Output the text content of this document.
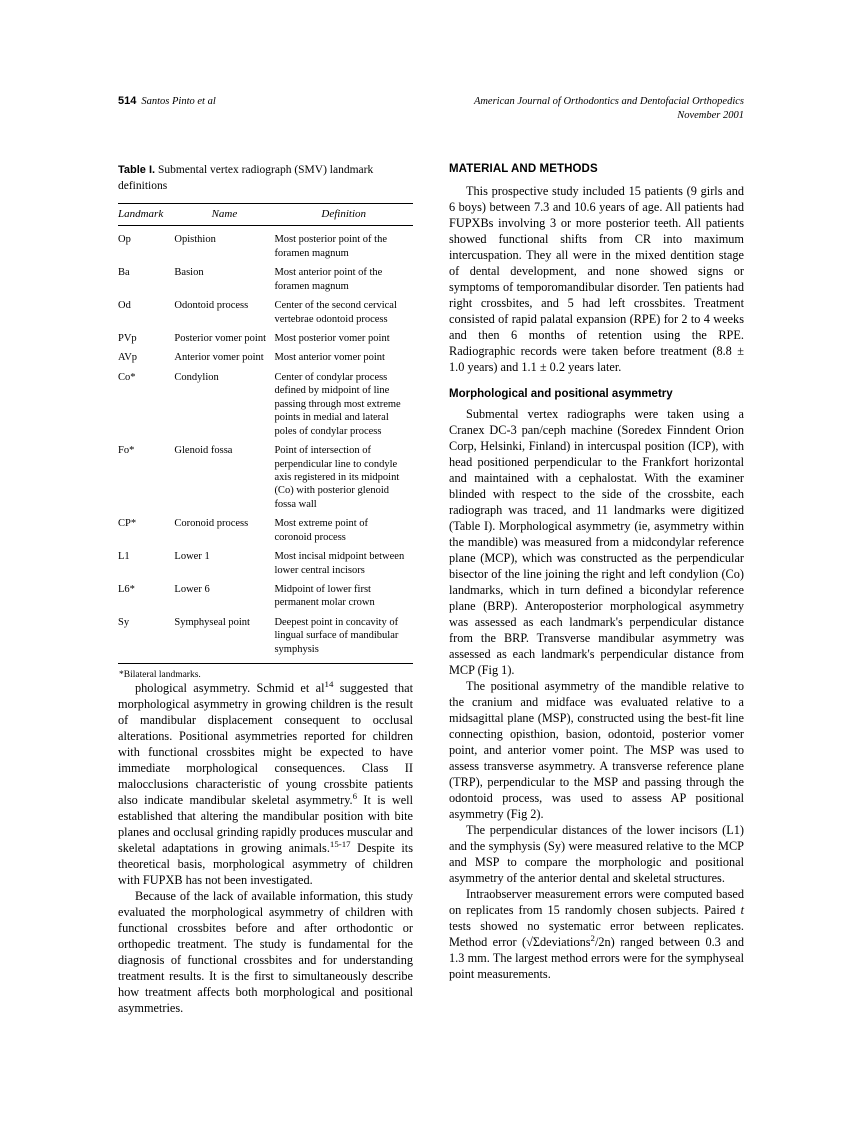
514 Santos Pinto et al	American Journal of Orthodontics and Dentofacial Orthopedics
November 2001
Table I. Submental vertex radiograph (SMV) landmark definitions
Landmark	Name	Definition
Op	Opisthion	Most posterior point of the foramen magnum
Ba	Basion	Most anterior point of the foramen magnum
Od	Odontoid process	Center of the second cervical vertebrae odontoid process
PVp	Posterior vomer point	Most posterior vomer point
AVp	Anterior vomer point	Most anterior vomer point
Co*	Condylion	Center of condylar process defined by midpoint of line passing through most extreme points in medial and lateral poles of condylar process
Fo*	Glenoid fossa	Point of intersection of perpendicular line to condyle axis registered in its midpoint (Co) with posterior glenoid fossa wall
CP*	Coronoid process	Most extreme point of coronoid process
L1	Lower 1	Most incisal midpoint between lower central incisors
L6*	Lower 6	Midpoint of lower first permanent molar crown
Sy	Symphyseal point	Deepest point in concavity of lingual surface of mandibular symphysis
*Bilateral landmarks.		

phological asymmetry. Schmid et $al^{14}$ suggested that morphological asymmetry in growing children is the result of mandibular displacement consequent to occlusal alterations. Positional asymmetries reported for children with functional crossbites might be expected to have immediate morphological consequences. Class II malocclusions characteristic of young crossbite patients also indicate mandibular skeletal asymmetry.$^6$ It is well established that altering the mandibular position with bite planes and occlusal grinding rapidly produces muscular and skeletal adaptations in growing animals.$^{15-17}$ Despite its theoretical basis, morphological asymmetry of children with FUPXB has not been investigated.

Because of the lack of available information, this study evaluated the morphological asymmetry of children with functional crossbites before and after orthodontic or orthopedic treatment. The study is fundamental for the diagnosis of functional crossbites and for understanding treatment results. It is the first to simultaneously describe how treatment affects both morphological and positional asymmetries.

MATERIAL AND METHODS

This prospective study included 15 patients (9 girls and 6 boys) between 7.3 and 10.6 years of age. All patients had FUPXBs involving 3 or more posterior teeth. All patients showed functional shifts from CR into maximum intercuspation. They all were in the mixed dentition stage of dental development, and none showed signs or symptoms of temporomandibular disorder. Ten patients had right crossbites, and 5 had left crossbites. Treatment consisted of rapid palatal expansion (RPE) for 2 to 4 weeks and then 6 months of retention using the RPE. Radiographic records were taken before treatment (8.8 ± 1.0 years) and 1.1 ± 0.2 years later.

Morphological and positional asymmetry

Submental vertex radiographs were taken using a Cranex DC-3 pan/ceph machine (Soredex Finndent Orion Corp, Helsinki, Finland) in intercuspal position (ICP), with head positioned perpendicular to the Frankfort horizontal and maintained with a cephalostat. With the examiner blinded with respect to the side of the crossbite, each radiograph was traced, and 11 landmarks were digitized (Table I). Morphological asymmetry (ie, asymmetry within the mandible) was measured from a midcondylar reference plane (MCP), which was constructed as the perpendicular bisector of the line joining the right and left condylion (Co) landmarks, which in turn defined a bicondylar reference plane (BRP). Anteroposterior morphological asymmetry was assessed as each landmark's perpendicular distance from the BRP. Transverse mandibular asymmetry was assessed as each landmark's perpendicular distance from MCP (Fig 1).

The positional asymmetry of the mandible relative to the cranium and midface was evaluated relative to a midsagittal plane (MSP), constructed using the best-fit line connecting opisthion, basion, odontoid, posterior vomer point, and anterior vomer point. The MSP was used to assess transverse asymmetry. A transverse reference plane (TRP), perpendicular to the MSP and passing through the odontoid process, was used to assess AP positional asymmetry (Fig 2).

The perpendicular distances of the lower incisors (L1) and the symphysis (Sy) were measured relative to the MCP and MSP to compare the morphologic and positional asymmetry of the anterior dental and skeletal structures.

Intraobserver measurement errors were computed based on replicates from 15 randomly chosen subjects. Paired t tests showed no systematic error between replicates. Method error (√Σdeviations$^2$/2n) ranged between 0.3 and 1.3 mm. The largest method errors were for the symphyseal point measurements.
